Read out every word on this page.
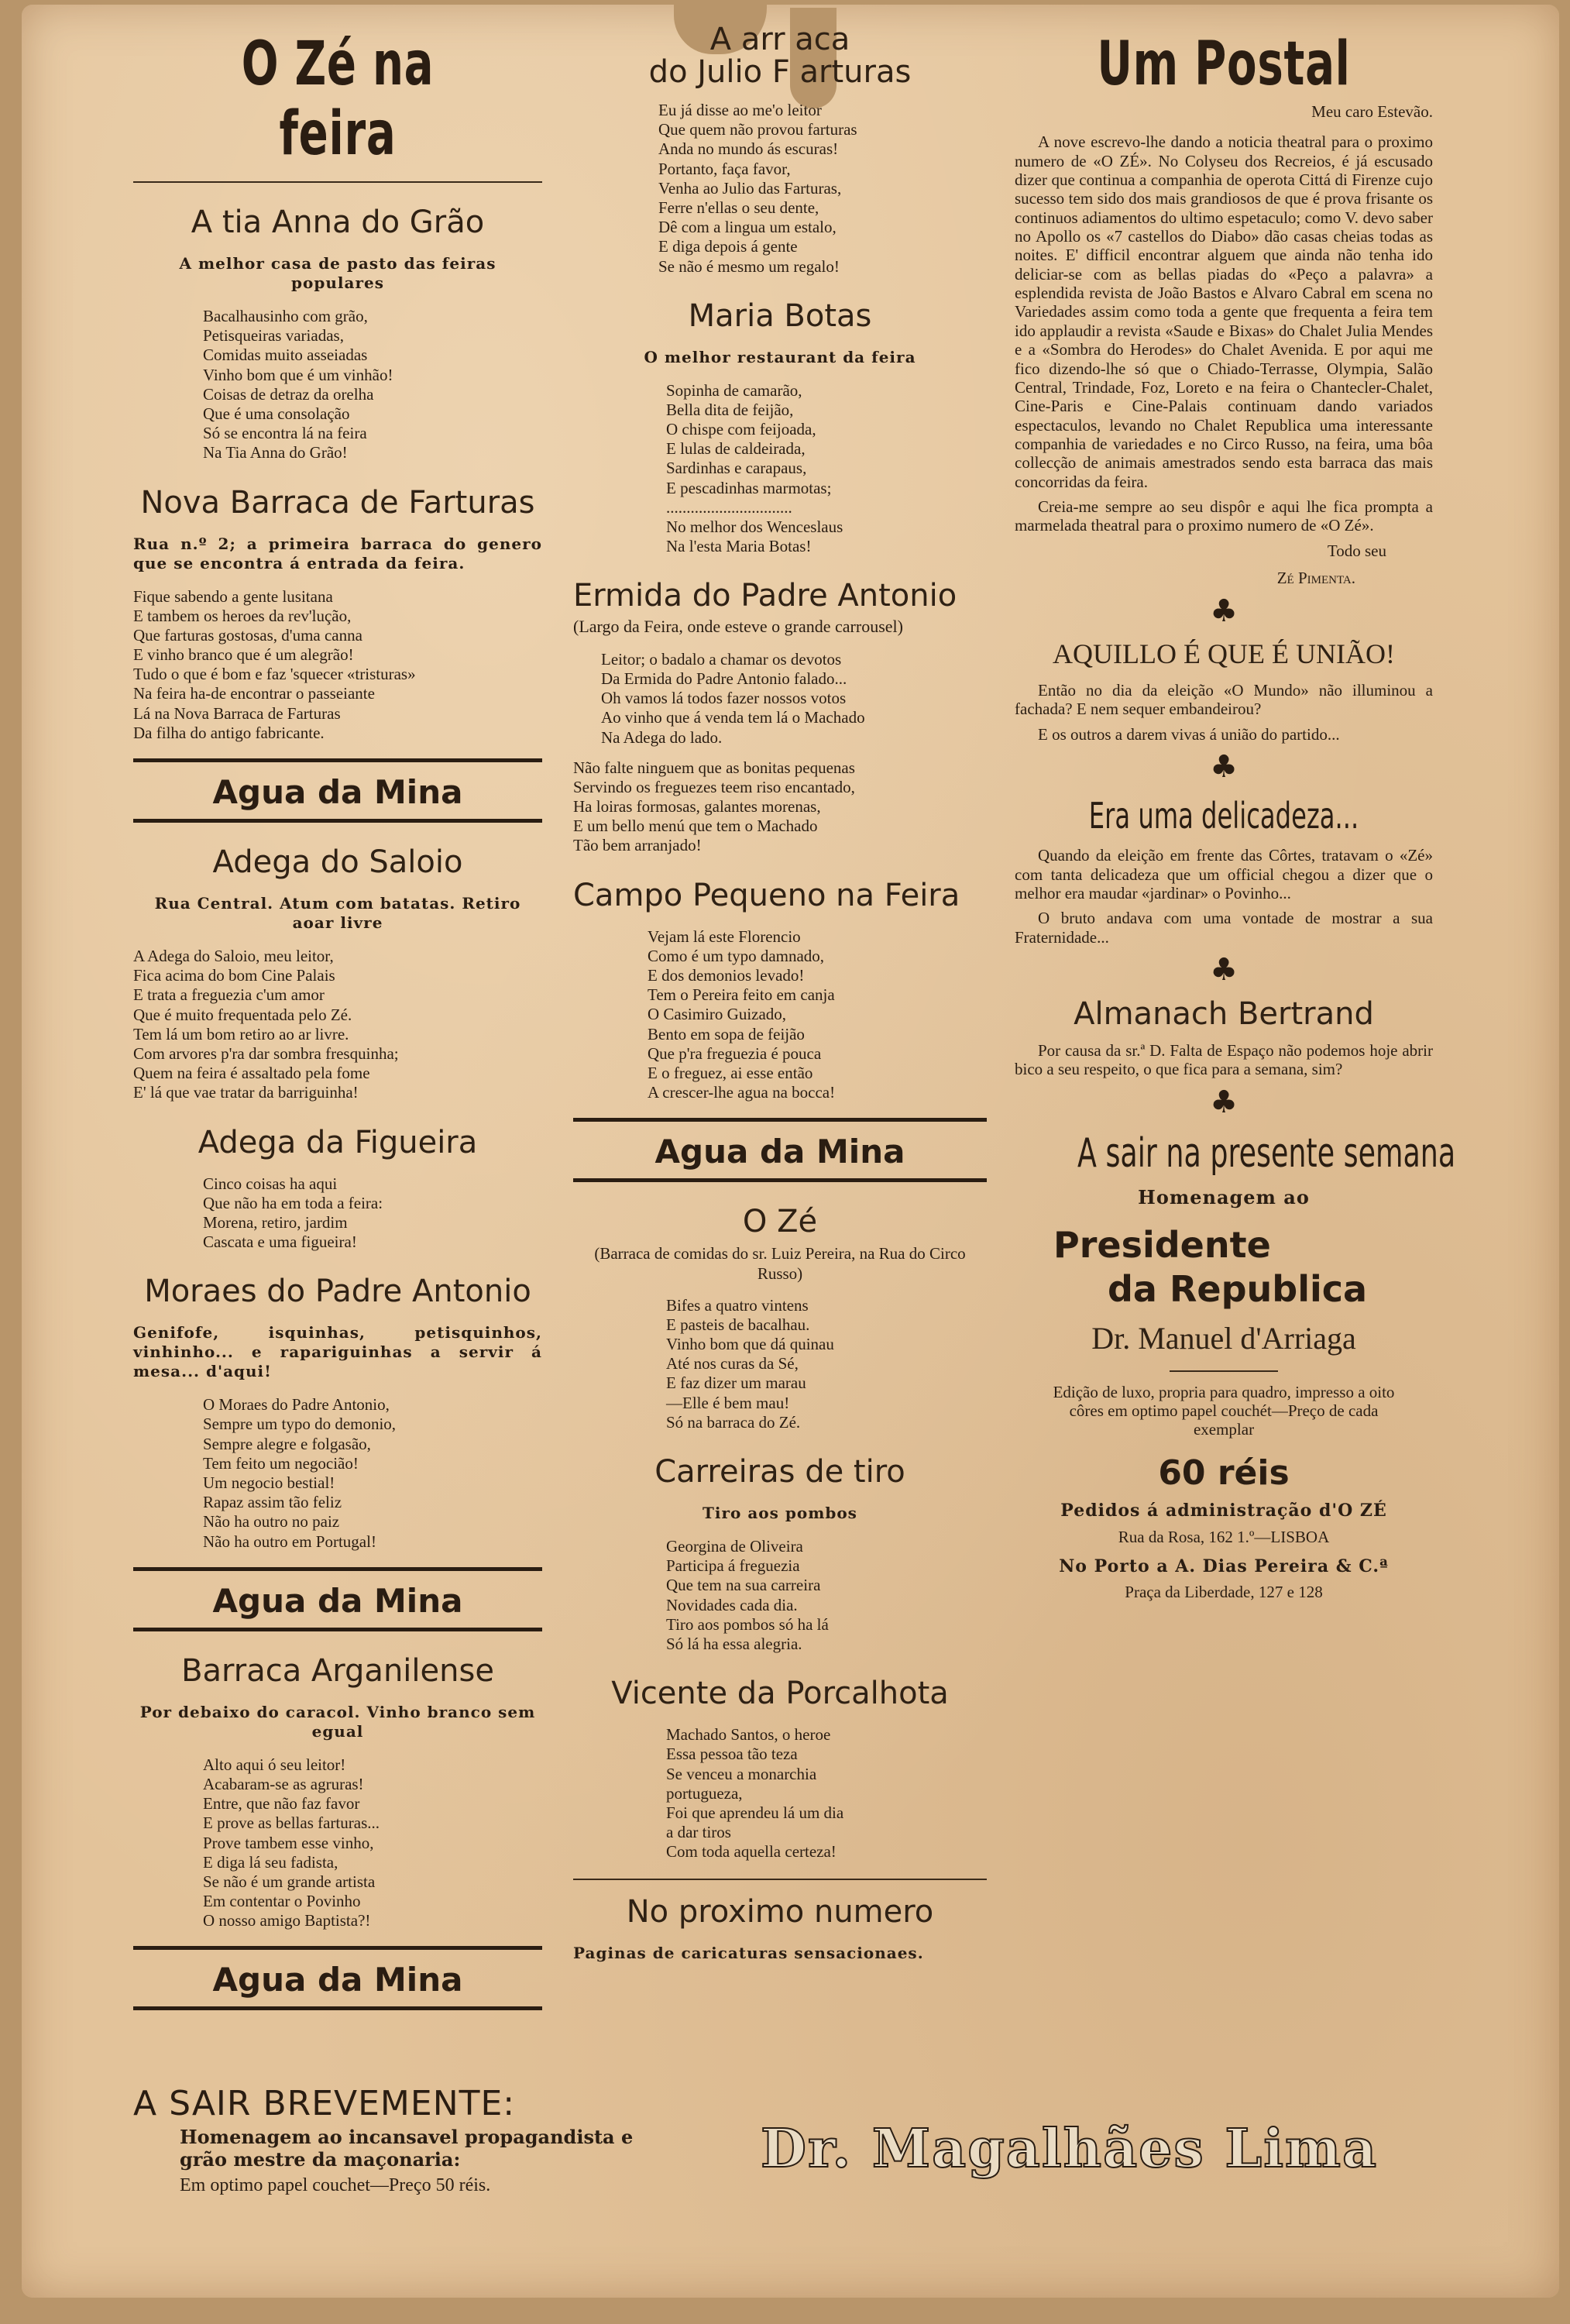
O Zé na feira
A tia Anna do Grão
A melhor casa de pasto das feiras populares
Bacalhausinho com grão,
Petisqueiras variadas,
Comidas muito asseiadas
Vinho bom que é um vinhão!
Coisas de detraz da orelha
Que é uma consolação
Só se encontra lá na feira
Na Tia Anna do Grão!
Nova Barraca de Farturas
Rua n.º 2; a primeira barraca do genero que se encontra á entrada da feira.
Fique sabendo a gente lusitana
E tambem os heroes da rev'lução,
Que farturas gostosas, d'uma canna
E vinho branco que é um alegrão!
Tudo o que é bom e faz 'squecer «tristuras»
Na feira ha-de encontrar o passeiante
Lá na Nova Barraca de Farturas
Da filha do antigo fabricante.
Agua da Mina
Adega do Saloio
Rua Central. Atum com batatas. Retiro aoar livre
A Adega do Saloio, meu leitor,
Fica acima do bom Cine Palais
E trata a freguezia c'um amor
Que é muito frequentada pelo Zé.
Tem lá um bom retiro ao ar livre.
Com arvores p'ra dar sombra fresquinha;
Quem na feira é assaltado pela fome
E' lá que vae tratar da barriguinha!
Adega da Figueira
Cinco coisas ha aqui
Que não ha em toda a feira:
Morena, retiro, jardim
Cascata e uma figueira!
Moraes do Padre Antonio
Genifofe, isquinhas, petisquinhos, vinhinho... e rapariguinhas a servir á mesa... d'aqui!
O Moraes do Padre Antonio,
Sempre um typo do demonio,
Sempre alegre e folgasão,
Tem feito um negocião!
Um negocio bestial!
Rapaz assim tão feliz
Não ha outro no paiz
Não ha outro em Portugal!
Agua da Mina
Barraca Arganilense
Por debaixo do caracol. Vinho branco sem egual
Alto aqui ó seu leitor!
Acabaram-se as agruras!
Entre, que não faz favor
E prove as bellas farturas...
Prove tambem esse vinho,
E diga lá seu fadista,
Se não é um grande artista
Em contentar o Povinho
O nosso amigo Baptista?!
Agua da Mina
A arr aca
do Julio F arturas
Eu já disse ao me'o leitor
Que quem não provou farturas
Anda no mundo ás escuras!
Portanto, faça favor,
Venha ao Julio das Farturas,
Ferre n'ellas o seu dente,
Dê com a lingua um estalo,
E diga depois á gente
Se não é mesmo um regalo!
Maria Botas
O melhor restaurant da feira
Sopinha de camarão,
Bella dita de feijão,
O chispe com feijoada,
E lulas de caldeirada,
Sardinhas e carapaus,
E pescadinhas marmotas;
...............................
No melhor dos Wenceslaus
Na l'esta Maria Botas!
Ermida do Padre Antonio
(Largo da Feira, onde esteve o grande carrousel)
Leitor; o badalo a chamar os devotos
Da Ermida do Padre Antonio falado...
Oh vamos lá todos fazer nossos votos
Ao vinho que á venda tem lá o Machado
Na Adega do lado.
Não falte ninguem que as bonitas pequenas
Servindo os freguezes teem riso encantado,
Ha loiras formosas, galantes morenas,
E um bello menú que tem o Machado
Tão bem arranjado!
Campo Pequeno na Feira
Vejam lá este Florencio
Como é um typo damnado,
E dos demonios levado!
Tem o Pereira feito em canja
O Casimiro Guizado,
Bento em sopa de feijão
Que p'ra freguezia é pouca
E o freguez, ai esse então
A crescer-lhe agua na bocca!
Agua da Mina
O Zé
(Barraca de comidas do sr. Luiz Pereira, na Rua do Circo Russo)
Bifes a quatro vintens
E pasteis de bacalhau.
Vinho bom que dá quinau
Até nos curas da Sé,
E faz dizer um marau
—Elle é bem mau!
Só na barraca do Zé.
Carreiras de tiro
Tiro aos pombos
Georgina de Oliveira
Participa á freguezia
Que tem na sua carreira
Novidades cada dia.
Tiro aos pombos só ha lá
Só lá ha essa alegria.
Vicente da Porcalhota
Machado Santos, o heroe
Essa pessoa tão teza
Se venceu a monarchia
portugueza,
Foi que aprendeu lá um dia
a dar tiros
Com toda aquella certeza!
No proximo numero
Paginas de caricaturas sensacionaes.
Um Postal
Meu caro Estevão.

A nove escrevo-lhe dando a noticia theatral para o proximo numero de «O ZÉ». No Colyseu dos Recreios, é já escusado dizer que continua a companhia de operota Cittá di Firenze cujo sucesso tem sido dos mais grandiosos de que é prova frisante os continuos adiamentos do ultimo espetaculo; como V. devo saber no Apollo os «7 castellos do Diabo» dão casas cheias todas as noites. E' difficil encontrar alguem que ainda não tenha ido deliciar-se com as bellas piadas do «Peço a palavra» a esplendida revista de João Bastos e Alvaro Cabral em scena no Variedades assim como toda a gente que frequenta a feira tem ido applaudir a revista «Saude e Bixas» do Chalet Julia Mendes e a «Sombra do Herodes» do Chalet Avenida. E por aqui me fico dizendo-lhe só que o Chiado-Terrasse, Olympia, Salão Central, Trindade, Foz, Loreto e na feira o Chantecler-Chalet, Cine-Paris e Cine-Palais continuam dando variados espectaculos, levando no Chalet Republica uma interessante companhia de variedades e no Circo Russo, na feira, uma bôa collecção de animais amestrados sendo esta barraca das mais concorridas da feira.

Creia-me sempre ao seu dispôr e aqui lhe fica prompta a marmelada theatral para o proximo numero de «O Zé».

Todo seu
Zé Pimenta.
♣
AQUILLO É QUE É UNIÃO!

Então no dia da eleição «O Mundo» não illuminou a fachada? E nem sequer embandeirou?

E os outros a darem vivas á união do partido...

♣
Era uma delicadeza...

Quando da eleição em frente das Côrtes, tratavam o «Zé» com tanta delicadeza que um official chegou a dizer que o melhor era maudar «jardinar» o Povinho...

O bruto andava com uma vontade de mostrar a sua Fraternidade...

♣
Almanach Bertrand

Por causa da sr.ª D. Falta de Espaço não podemos hoje abrir bico a seu respeito, o que fica para a semana, sim?

♣
A sair na presente semana
Homenagem ao
Presidente
da Republica
Dr. Manuel d'Arriaga
Edição de luxo, propria para quadro, impresso a oito côres em optimo papel couchét—Preço de cada exemplar
60 réis
Pedidos á administração d'O ZÉ
Rua da Rosa, 162 1.º—LISBOA
No Porto a A. Dias Pereira & C.ª
Praça da Liberdade, 127 e 128
A SAIR BREVEMENTE:
Homenagem ao incansavel propagandista e grão mestre da maçonaria:
Em optimo papel couchet—Preço 50 réis.
Dr. Magalhães Lima
